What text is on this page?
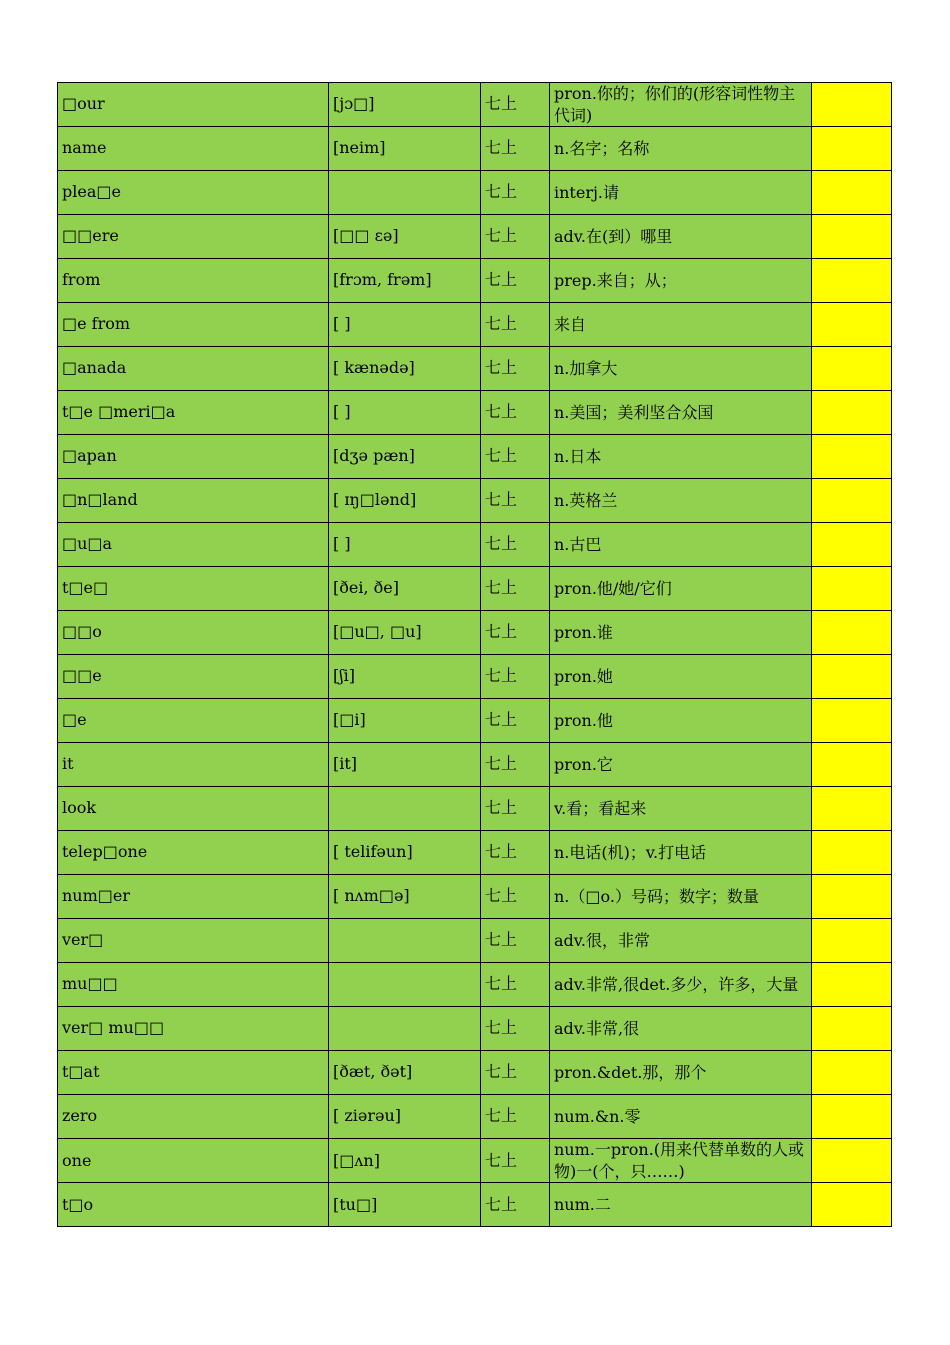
□our	[jɔ□]	七上	pron.你的；你们的(形容词性物主代词)	
name	[neim]	七上	n.名字；名称	
plea□e		七上	interj.请	
□□ere	[□□ ɛə]	七上	adv.在(到）哪里	
from	[frɔm, frəm]	七上	prep.来自；从；	
□e from	[ ]	七上	来自	
□anada	[ kænədə]	七上	n.加拿大	
t□e □meri□a	[ ]	七上	n.美国；美利坚合众国	
□apan	[dʒə pæn]	七上	n.日本	
□n□land	[ ɪŋ□lənd]	七上	n.英格兰	
□u□a	[ ]	七上	n.古巴	
t□e□	[ðei, ðe]	七上	pron.他/她/它们	
□□o	[□u□, □u]	七上	pron.谁	
□□e	[ʃi]	七上	pron.她	
□e	[□i]	七上	pron.他	
it	[it]	七上	pron.它	
look		七上	v.看；看起来	
telep□one	[ telifəun]	七上	n.电话(机)；v.打电话	
num□er	[ nʌm□ə]	七上	n.（□o.）号码；数字；数量	
ver□		七上	adv.很，非常	
mu□□		七上	adv.非常,很det.多少，许多，大量	
ver□ mu□□		七上	adv.非常,很	
t□at	[ðæt, ðət]	七上	pron.&det.那，那个	
zero	[ ziərəu]	七上	num.&n.零	
one	[□ʌn]	七上	num.一pron.(用来代替单数的人或物)一(个，只……)	
t□o	[tu□]	七上	num.二	
